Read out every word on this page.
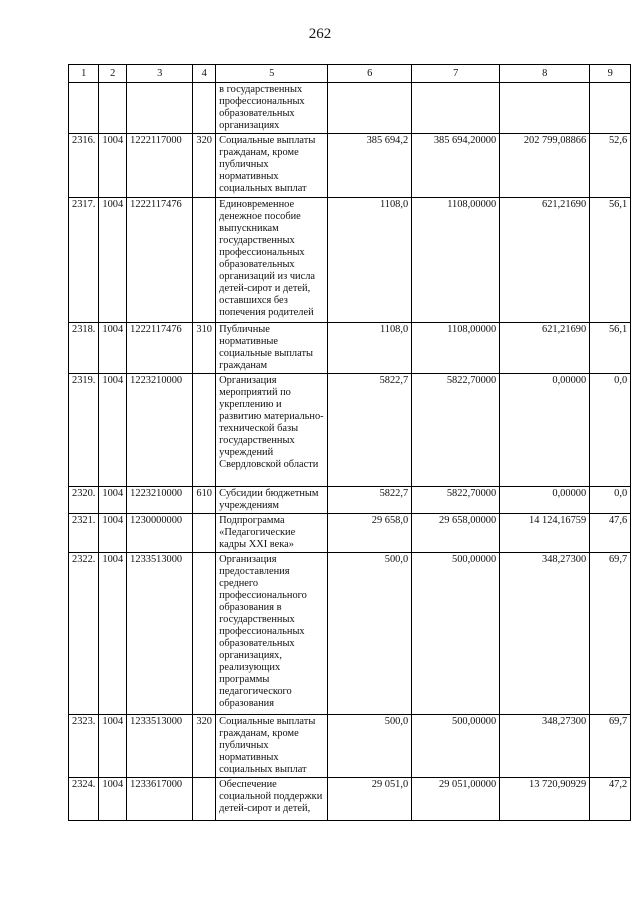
262
1	2	3	4	5	6	7	8	9
				в государственных профессиональных образовательных организациях				
2316.	1004	1222117000	320	Социальные выплаты гражданам, кроме публичных нормативных социальных выплат	385 694,2	385 694,20000	202 799,08866	52,6
2317.	1004	1222117476		Единовременное денежное пособие выпускникам государственных профессиональных образовательных организаций из числа детей-сирот и детей, оставшихся без попечения родителей	1108,0	1108,00000	621,21690	56,1
2318.	1004	1222117476	310	Публичные нормативные социальные выплаты гражданам	1108,0	1108,00000	621,21690	56,1
2319.	1004	1223210000		Организация мероприятий по укреплению и развитию материально-технической базы государственных учреждений Свердловской области	5822,7	5822,70000	0,00000	0,0
2320.	1004	1223210000	610	Субсидии бюджетным учреждениям	5822,7	5822,70000	0,00000	0,0
2321.	1004	1230000000		Подпрограмма «Педагогические кадры XXI века»	29 658,0	29 658,00000	14 124,16759	47,6
2322.	1004	1233513000		Организация предоставления среднего профессионального образования в государственных профессиональных образовательных организациях, реализующих программы педагогического образования	500,0	500,00000	348,27300	69,7
2323.	1004	1233513000	320	Социальные выплаты гражданам, кроме публичных нормативных социальных выплат	500,0	500,00000	348,27300	69,7
2324.	1004	1233617000		Обеспечение социальной поддержки детей-сирот и детей,	29 051,0	29 051,00000	13 720,90929	47,2
